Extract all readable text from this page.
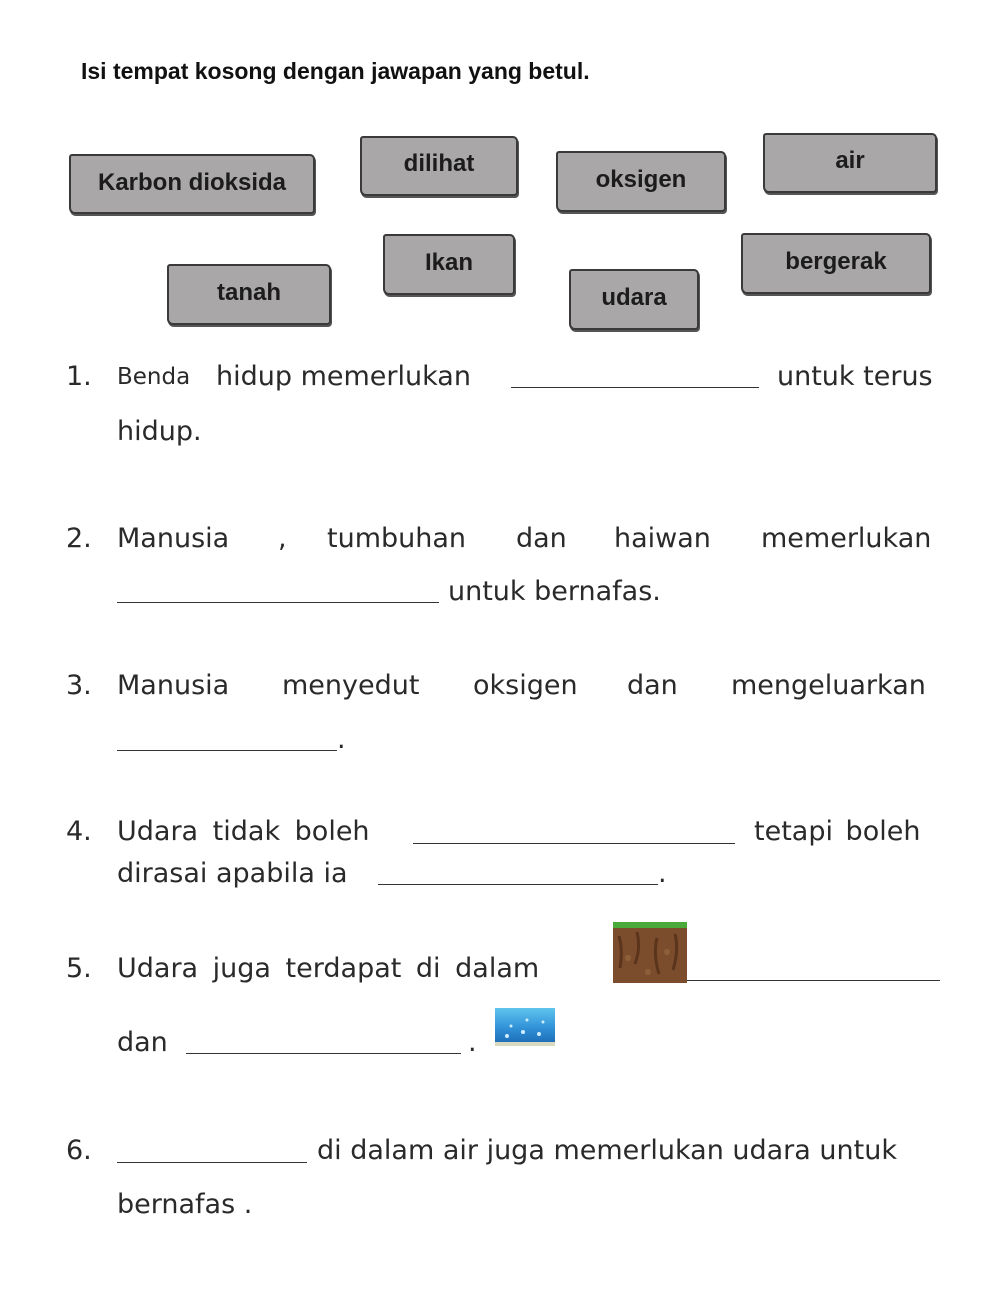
Isi tempat kosong dengan jawapan yang betul.
Karbon dioksida
dilihat
oksigen
air
tanah
Ikan
udara
bergerak
1. Benda hidup memerlukan	untuk terus
hidup.
2. Manusia , tumbuhan dan haiwan memerlukan
untuk bernafas.
3. Manusia menyedut oksigen dan mengeluarkan
.
4. Udara tidak boleh	tetapi boleh
dirasai apabila ia	.
5. Udara juga terdapat di dalam
dan	.
6.	di dalam air juga memerlukan udara untuk
bernafas .
